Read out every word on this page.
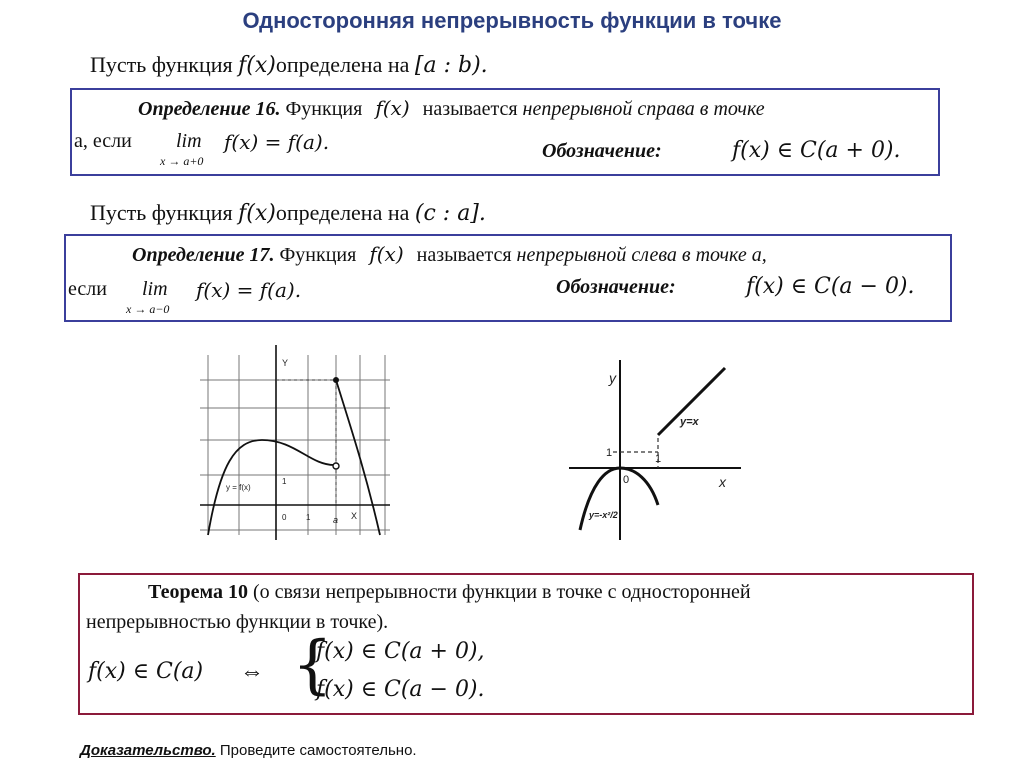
Односторонняя непрерывность функции в точке
Пусть функция f(x)определена на [a : b).
Определение 16. Функция f(x) называется непрерывной справа в точке
a, если lim
x → a+0
f(x) = f(a).	Обозначение:	f(x) ∈ C(a + 0).
Пусть функция f(x)определена на (c : a].
Определение 17. Функция f(x) называется непрерывной слева в точке a,
если lim
x → a−0
f(x) = f(a).	Обозначение:	f(x) ∈ C(a − 0).
Y
X
0 1
1
a
y = f(x)
y
x
1	1
0
y=x
y=-x²/2
Теорема 10 (о связи непрерывности функции в точке с односторонней
непрерывностью функции в точке).
f(x) ∈ C(a) ⇔ {
f(x) ∈ C(a + 0),
f(x) ∈ C(a − 0).
Доказательство. Проведите самостоятельно.
